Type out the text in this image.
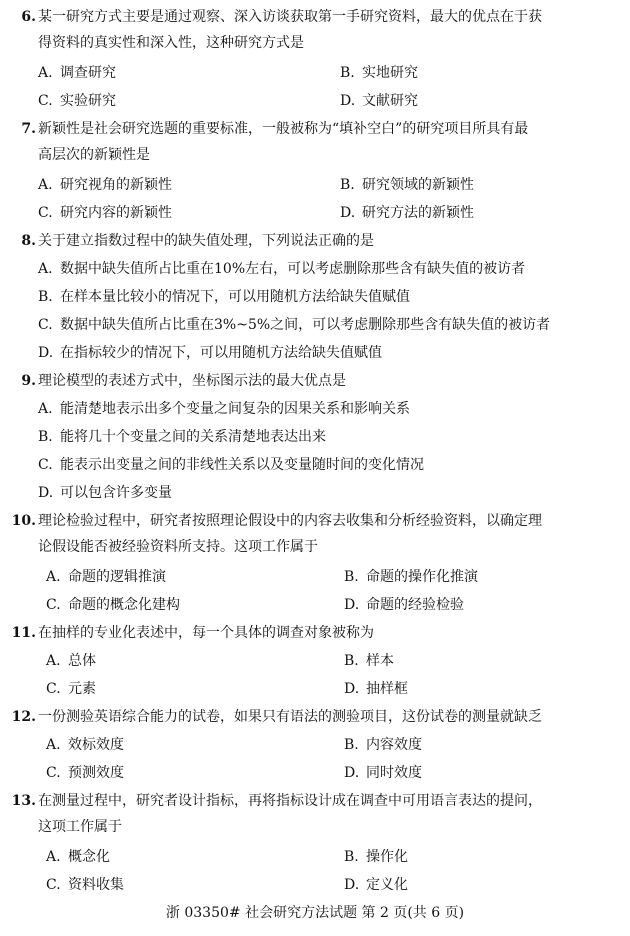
6. 某一研究方式主要是通过观察、深入访谈获取第一手研究资料，最大的优点在于获
得资料的真实性和深入性，这种研究方式是
A. 调查研究	B. 实地研究
C. 实验研究	D. 文献研究
7. 新颖性是社会研究选题的重要标准，一般被称为“填补空白”的研究项目所具有最
高层次的新颖性是
A. 研究视角的新颖性	B. 研究领域的新颖性
C. 研究内容的新颖性	D. 研究方法的新颖性
8. 关于建立指数过程中的缺失值处理，下列说法正确的是
A. 数据中缺失值所占比重在10%左右，可以考虑删除那些含有缺失值的被访者
B. 在样本量比较小的情况下，可以用随机方法给缺失值赋值
C. 数据中缺失值所占比重在3%~5%之间，可以考虑删除那些含有缺失值的被访者
D. 在指标较少的情况下，可以用随机方法给缺失值赋值
9. 理论模型的表述方式中，坐标图示法的最大优点是
A. 能清楚地表示出多个变量之间复杂的因果关系和影响关系
B. 能将几十个变量之间的关系清楚地表达出来
C. 能表示出变量之间的非线性关系以及变量随时间的变化情况
D. 可以包含许多变量
10. 理论检验过程中，研究者按照理论假设中的内容去收集和分析经验资料，以确定理
论假设能否被经验资料所支持。这项工作属于
A. 命题的逻辑推演	B. 命题的操作化推演
C. 命题的概念化建构	D. 命题的经验检验
11. 在抽样的专业化表述中，每一个具体的调查对象被称为
A. 总体	B. 样本
C. 元素	D. 抽样框
12. 一份测验英语综合能力的试卷，如果只有语法的测验项目，这份试卷的测量就缺乏
A. 效标效度	B. 内容效度
C. 预测效度	D. 同时效度
13. 在测量过程中，研究者设计指标，再将指标设计成在调查中可用语言表达的提问，
这项工作属于
A. 概念化	B. 操作化
C. 资料收集	D. 定义化
浙 03350# 社会研究方法试题 第 2 页(共 6 页)
